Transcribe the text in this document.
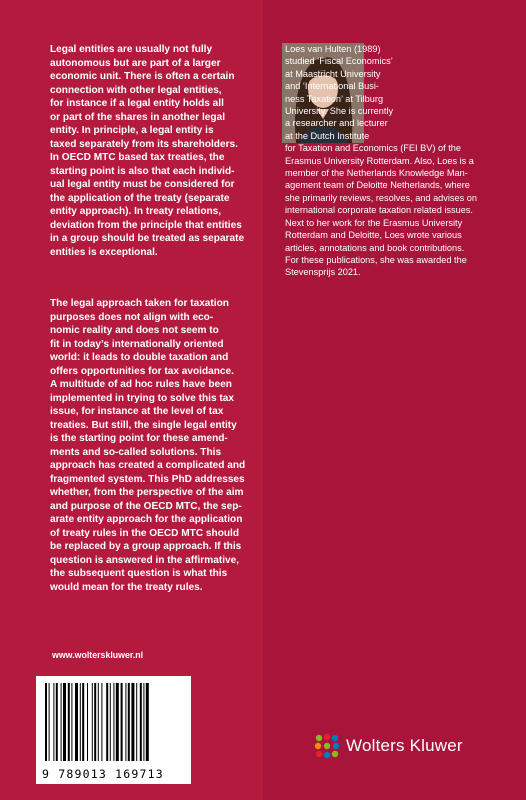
Legal entities are usually not fully
autonomous but are part of a larger
economic unit. There is often a certain
connection with other legal entities,
for instance if a legal entity holds all
or part of the shares in another legal
entity. In principle, a legal entity is
taxed separately from its shareholders.
In OECD MTC based tax treaties, the
starting point is also that each individ-
ual legal entity must be considered for
the application of the treaty (separate
entity approach). In treaty relations,
deviation from the principle that entities
in a group should be treated as separate
entities is exceptional.

The legal approach taken for taxation
purposes does not align with eco-
nomic reality and does not seem to
fit in today’s internationally oriented
world: it leads to double taxation and
offers opportunities for tax avoidance.
A multitude of ad hoc rules have been
implemented in trying to solve this tax
issue, for instance at the level of tax
treaties. But still, the single legal entity
is the starting point for these amend-
ments and so-called solutions. This
approach has created a complicated and
fragmented system. This PhD addresses
whether, from the perspective of the aim
and purpose of the OECD MTC, the sep-
arate entity approach for the application
of treaty rules in the OECD MTC should
be replaced by a group approach. If this
question is answered in the affirmative,
the subsequent question is what this
would mean for the treaty rules.

Loes van Hulten (1989)
studied ‘Fiscal Economics’
at Maastricht University
and ‘International Busi-
ness Taxation’ at Tilburg
University. She is currently
a researcher and lecturer
at the Dutch Institute
for Taxation and Economics (FEI BV) of the
Erasmus University Rotterdam. Also, Loes is a
member of the Netherlands Knowledge Man-
agement team of Deloitte Netherlands, where
she primarily reviews, resolves, and advises on
international corporate taxation related issues.
Next to her work for the Erasmus University
Rotterdam and Deloitte, Loes wrote various
articles, annotations and book contributions.
For these publications, she was awarded the
Stevensprijs 2021.

www.wolterskluwer.nl
9 789013 169713
Wolters Kluwer
